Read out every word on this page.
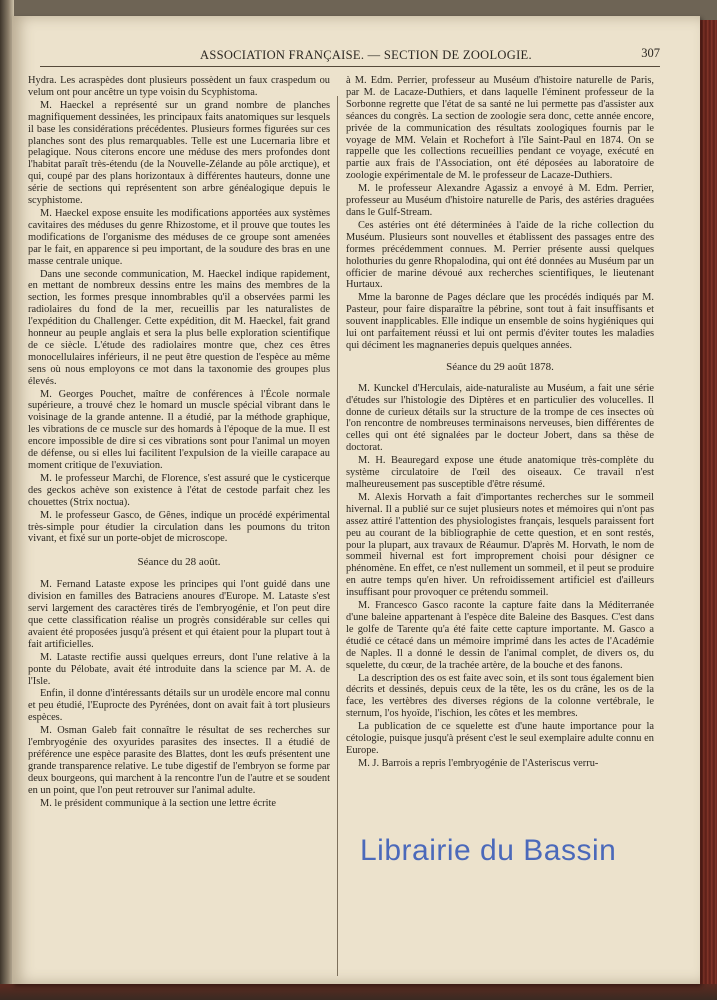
ASSOCIATION FRANÇAISE. — SECTION DE ZOOLOGIE.	307

Hydra. Les acraspèdes dont plusieurs possèdent un faux craspedum ou velum ont pour ancêtre un type voisin du Scyphistoma.

M. Haeckel a représenté sur un grand nombre de planches magnifiquement dessinées, les principaux faits anatomiques sur lesquels il base les considérations précédentes. Plusieurs formes figurées sur ces planches sont des plus remarquables. Telle est une Lucernaria libre et pelagique. Nous citerons encore une méduse des mers profondes dont l'habitat paraît très-étendu (de la Nouvelle-Zélande au pôle arctique), et qui, coupé par des plans horizontaux à différentes hauteurs, donne une série de sections qui représentent son arbre généalogique depuis le scyphistome.

M. Haeckel expose ensuite les modifications apportées aux systèmes cavitaires des méduses du genre Rhizostome, et il prouve que toutes les modifications de l'organisme des méduses de ce groupe sont amenées par le fait, en apparence si peu important, de la soudure des bras en une masse centrale unique.

Dans une seconde communication, M. Haeckel indique rapidement, en mettant de nombreux dessins entre les mains des membres de la section, les formes presque innombrables qu'il a observées parmi les radiolaires du fond de la mer, recueillis par les naturalistes de l'expédition du Challenger. Cette expédition, dit M. Haeckel, fait grand honneur au peuple anglais et sera la plus belle exploration scientifique de ce siècle. L'étude des radiolaires montre que, chez ces êtres monocellulaires inférieurs, il ne peut être question de l'espèce au même sens où nous employons ce mot dans la taxonomie des groupes plus élevés.

M. Georges Pouchet, maître de conférences à l'École normale supérieure, a trouvé chez le homard un muscle spécial vibrant dans le voisinage de la grande antenne. Il a étudié, par la méthode graphique, les vibrations de ce muscle sur des homards à l'époque de la mue. Il est encore impossible de dire si ces vibrations sont pour l'animal un moyen de défense, ou si elles lui facilitent l'expulsion de la vieille carapace au moment critique de l'exuviation.

M. le professeur Marchi, de Florence, s'est assuré que le cysticerque des geckos achève son existence à l'état de cestode parfait chez les chouettes (Strix noctua).

M. le professeur Gasco, de Gênes, indique un procédé expérimental très-simple pour étudier la circulation dans les poumons du triton vivant, et fixé sur un porte-objet de microscope.

Séance du 28 août.

M. Fernand Lataste expose les principes qui l'ont guidé dans une division en familles des Batraciens anoures d'Europe. M. Lataste s'est servi largement des caractères tirés de l'embryogénie, et l'on peut dire que cette classification réalise un progrès considérable sur celles qui avaient été proposées jusqu'à présent et qui étaient pour la plupart tout à fait artificielles.

M. Lataste rectifie aussi quelques erreurs, dont l'une relative à la ponte du Pélobate, avait été introduite dans la science par M. A. de l'Isle.

Enfin, il donne d'intéressants détails sur un urodèle encore mal connu et peu étudié, l'Euprocte des Pyrénées, dont on avait fait à tort plusieurs espèces.

M. Osman Galeb fait connaître le résultat de ses recherches sur l'embryogénie des oxyurides parasites des insectes. Il a étudié de préférence une espèce parasite des Blattes, dont les œufs présentent une grande transparence relative. Le tube digestif de l'embryon se forme par deux bourgeons, qui marchent à la rencontre l'un de l'autre et se soudent en un point, que l'on peut retrouver sur l'animal adulte.

M. le président communique à la section une lettre écrite

à M. Edm. Perrier, professeur au Muséum d'histoire naturelle de Paris, par M. de Lacaze-Duthiers, et dans laquelle l'éminent professeur de la Sorbonne regrette que l'état de sa santé ne lui permette pas d'assister aux séances du congrès. La section de zoologie sera donc, cette année encore, privée de la communication des résultats zoologiques fournis par le voyage de MM. Velain et Rochefort à l'île Saint-Paul en 1874. On se rappelle que les collections recueillies pendant ce voyage, exécuté en partie aux frais de l'Association, ont été déposées au laboratoire de zoologie expérimentale de M. le professeur de Lacaze-Duthiers.

M. le professeur Alexandre Agassiz a envoyé à M. Edm. Perrier, professeur au Muséum d'histoire naturelle de Paris, des astéries draguées dans le Gulf-Stream.

Ces astéries ont été déterminées à l'aide de la riche collection du Muséum. Plusieurs sont nouvelles et établissent des passages entre des formes précédemment connues. M. Perrier présente aussi quelques holothuries du genre Rhopalodina, qui ont été données au Muséum par un officier de marine dévoué aux recherches scientifiques, le lieutenant Hurtaux.

Mme la baronne de Pages déclare que les procédés indiqués par M. Pasteur, pour faire disparaître la pébrine, sont tout à fait insuffisants et souvent inapplicables. Elle indique un ensemble de soins hygiéniques qui lui ont parfaitement réussi et lui ont permis d'éviter toutes les maladies qui déciment les magnaneries depuis quelques années.

Séance du 29 août 1878.

M. Kunckel d'Herculais, aide-naturaliste au Muséum, a fait une série d'études sur l'histologie des Diptères et en particulier des volucelles. Il donne de curieux détails sur la structure de la trompe de ces insectes où l'on rencontre de nombreuses terminaisons nerveuses, bien différentes de celles qui ont été signalées par le docteur Jobert, dans sa thèse de doctorat.

M. H. Beauregard expose une étude anatomique très-complète du système circulatoire de l'œil des oiseaux. Ce travail n'est malheureusement pas susceptible d'être résumé.

M. Alexis Horvath a fait d'importantes recherches sur le sommeil hivernal. Il a publié sur ce sujet plusieurs notes et mémoires qui n'ont pas assez attiré l'attention des physiologistes français, lesquels paraissent fort peu au courant de la bibliographie de cette question, et en sont restés, pour la plupart, aux travaux de Réaumur. D'après M. Horvath, le nom de sommeil hivernal est fort improprement choisi pour désigner ce phénomène. En effet, ce n'est nullement un sommeil, et il peut se produire en autre temps qu'en hiver. Un refroidissement artificiel est d'ailleurs insuffisant pour provoquer ce prétendu sommeil.

M. Francesco Gasco raconte la capture faite dans la Méditerranée d'une baleine appartenant à l'espèce dite Baleine des Basques. C'est dans le golfe de Tarente qu'a été faite cette capture importante. M. Gasco a étudié ce cétacé dans un mémoire imprimé dans les actes de l'Académie de Naples. Il a donné le dessin de l'animal complet, de divers os, du squelette, du cœur, de la trachée artère, de la bouche et des fanons.

La description des os est faite avec soin, et ils sont tous également bien décrits et dessinés, depuis ceux de la tête, les os du crâne, les os de la face, les vertèbres des diverses régions de la colonne vertébrale, le sternum, l'os hyoïde, l'ischion, les côtes et les membres.

La publication de ce squelette est d'une haute importance pour la cétologie, puisque jusqu'à présent c'est le seul exemplaire adulte connu en Europe.

M. J. Barrois a repris l'embryogénie de l'Asteriscus verru-

Librairie du Bassin
